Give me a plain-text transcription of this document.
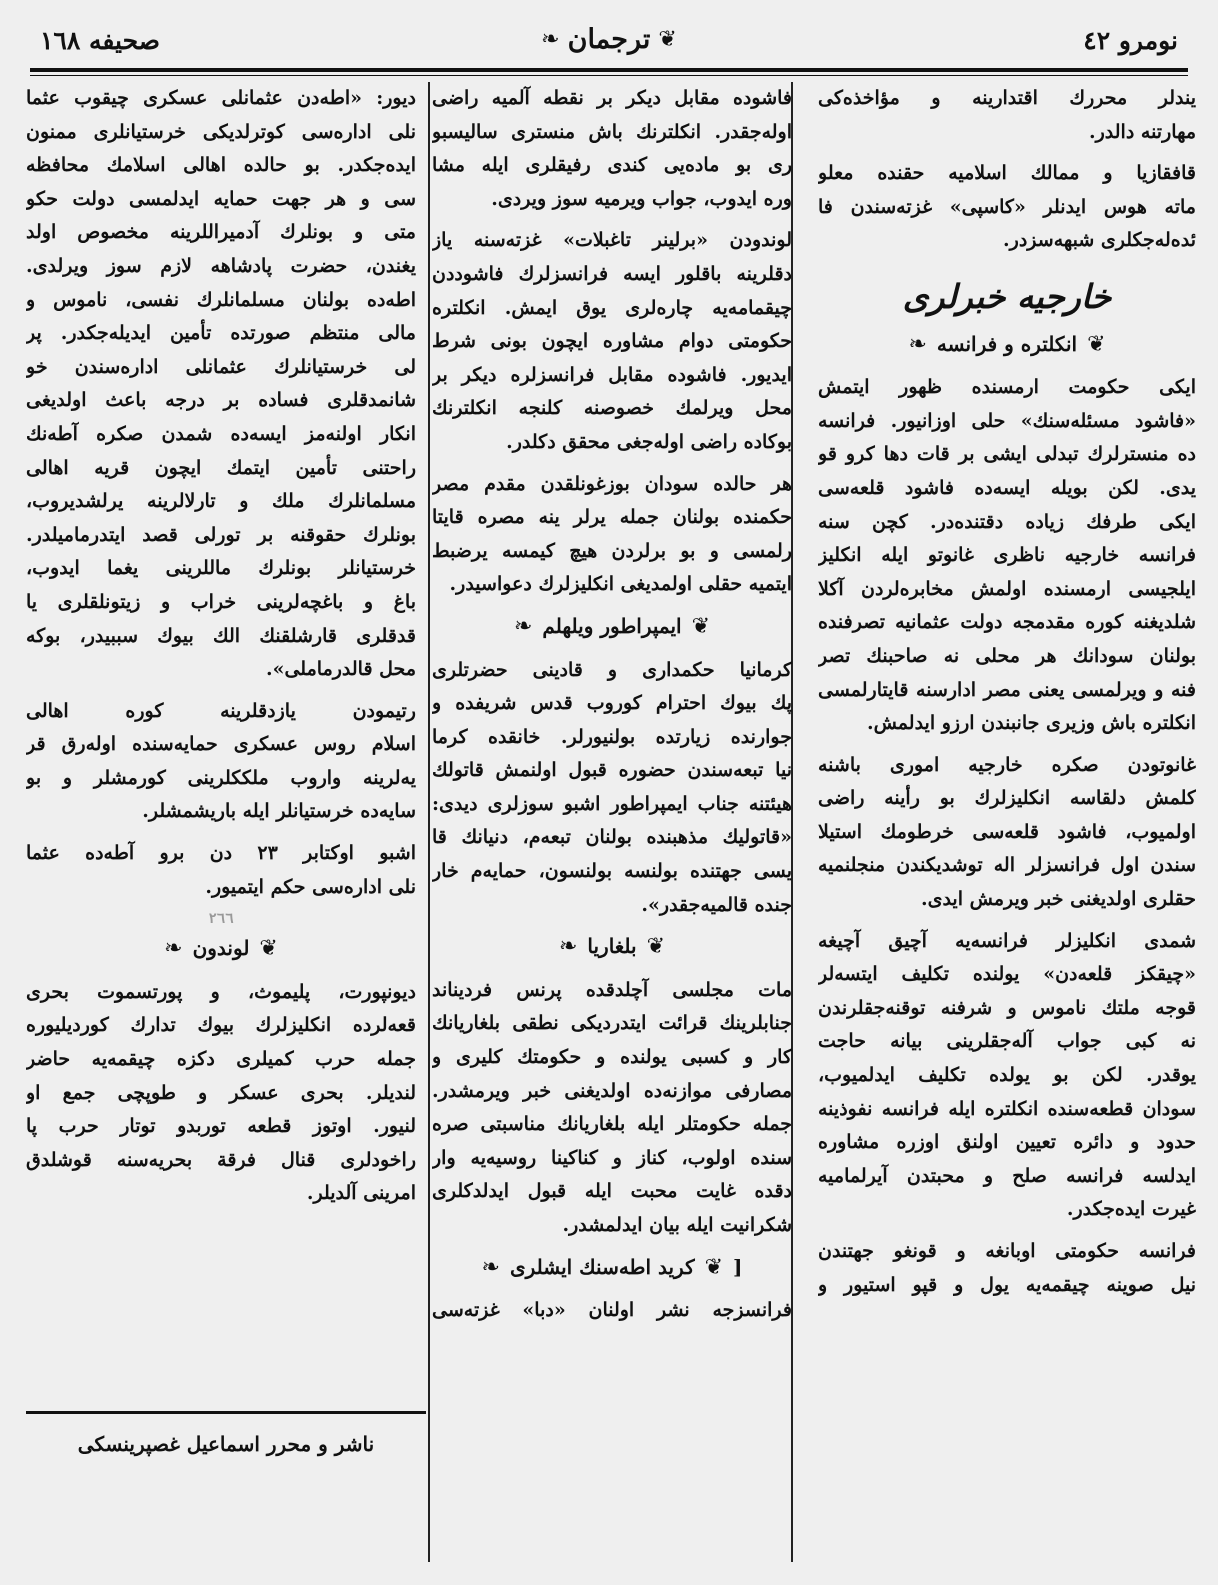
نومرو ٤٢
❦
ترجمان
❧
صحيفه ١٦٨
يندلر محررك اقتدارينه و مؤاخذه‌كى
مهارتنه دالدر.
قافقازيا و ممالك اسلاميه حقنده معلو
ماته هوس ايدنلر «كاسپى» غزته‌سندن فا
ئده‌له‌جكلرى شبهه‌سزدر.
خارجيه خبرلرى
❦
انكلتره و فرانسه
❧
ايكى حكومت ارمسنده ظهور ايتمش
«فاشود مسئله‌سنك» حلى اوزانيور. فرانسه
ده منسترلرك تبدلى ايشى بر قات دها كرو قو
يدى. لكن بويله ايسه‌ده فاشود قلعه‌سى
ايكى طرفك زياده دقتنده‌در. كچن سنه
فرانسه خارجيه ناظرى غانوتو ايله انكليز
ايلجيسى ارمسنده اولمش مخابره‌لردن آكلا
شلديغنه كوره مقدمجه دولت عثمانيه تصرفنده
بولنان سودانك هر محلى نه صاحبنك تصر
فنه و ويرلمسى يعنى مصر ادارسنه قايتارلمسى
انكلتره باش وزيرى جانبندن ارزو ايدلمش.
غانوتودن صكره خارجيه امورى باشنه
كلمش دلقاسه انكليزلرك بو رأينه راضى
اولميوب، فاشود قلعه‌سى خرطومك استيلا
سندن اول فرانسزلر اله توشديكندن منجلنميه
حقلرى اولديغنى خبر ويرمش ايدى.
شمدى انكليزلر فرانسه‌يه آچيق آچيغه
«چيقكز قلعه‌دن» يولنده تكليف ايتسه‌لر
قوجه ملتك ناموس و شرفنه توقنه‌جقلرندن
نه كبى جواب آله‌جقلرينى بيانه حاجت
يوقدر. لكن بو يولده تكليف ايدلميوب،
سودان قطعه‌سنده انكلتره ايله فرانسه نفوذينه
حدود و دائره تعيين اولنق اوزره مشاوره
ايدلسه فرانسه صلح و محبتدن آيرلماميه
غيرت ايده‌جكدر.
فرانسه حكومتى اوبانغه و قونغو جهتندن
نيل صوينه چيقمه‌يه يول و قپو استيور و
فاشوده مقابل ديكر بر نقطه آلميه راضى
اوله‌جقدر. انكلترنك باش منسترى ساليسبو
رى بو ماده‌يى كندى رفيقلرى ايله مشا
وره ايدوب، جواب ويرميه سوز ويردى.
لوندودن «برلينر تاغبلات» غزته‌سنه ياز
دقلرينه باقلور ايسه فرانسزلرك فاشوددن
چيقمامه‌يه چاره‌لرى يوق ايمش. انكلتره
حكومتى دوام مشاوره ايچون بونى شرط
ايديور. فاشوده مقابل فرانسزلره ديكر بر
محل ويرلمك خصوصنه كلنجه انكلترنك
بوكاده راضى اوله‌جغى محقق دكلدر.
هر حالده سودان بوزغونلقدن مقدم مصر
حكمنده بولنان جمله يرلر ينه مصره قايتا
رلمسى و بو برلردن هيچ كيمسه يرضبط
ايتميه حقلى اولمديغى انكليزلرك دعواسيدر.
❦
ايمپراطور ويلهلم
❧
كرمانيا حكمدارى و قادينى حضرتلرى
پك بيوك احترام كوروب قدس شريفده و
جوارنده زيارتده بولنيورلر. خانقده كرما
نيا تبعه‌سندن حضوره قبول اولنمش قاتولك
هيئتنه جناب ايمپراطور اشبو سوزلرى ديدى:
«قاتوليك مذهبنده بولنان تبعه‌م، دنيانك قا
يسى جهتنده بولنسه بولنسون، حمايه‌م خار
جنده قالميه‌جقدر».
❦
بلغاريا
❧
مات مجلسى آچلدقده پرنس فرديناند
جنابلرينك قرائت ايتدرديكى نطقى بلغاريانك
كار و كسبى يولنده و حكومتك كليرى و
مصارفى موازنه‌ده اولديغنى خبر ويرمشدر.
جمله حكومتلر ايله بلغاريانك مناسبتى صره
سنده اولوب، كناز و كناكينا روسيه‌يه وار
دقده غايت محبت ايله قبول ايدلدكلرى
شكرانيت ايله بيان ايدلمشدر.
[
❦
كريد اطه‌سنك ايشلرى
❧
فرانسزجه نشر اولنان «دبا» غزته‌سى
ديور: «اطه‌دن عثمانلى عسكرى چيقوب عثما
نلى اداره‌سى كوترلديكى خرستيانلرى ممنون
ايده‌جكدر. بو حالده اهالى اسلامك محافظه
سى و هر جهت حمايه ايدلمسى دولت حكو
متى و بونلرك آدميراللرينه مخصوص اولد
يغندن، حضرت پادشاهه لازم سوز ويرلدى.
اطه‌ده بولنان مسلمانلرك نفسى، ناموس و
مالى منتظم صورتده تأمين ايديله‌جكدر. پر
لى خرستيانلرك عثمانلى اداره‌سندن خو
شانمدقلرى فساده بر درجه باعث اولديغى
انكار اولنه‌مز ايسه‌ده شمدن صكره آطه‌نك
راحتنى تأمين ايتمك ايچون قريه اهالى
مسلمانلرك ملك و تارلالرينه يرلشديروب،
بونلرك حقوقنه بر تورلى قصد ايتدرماميلدر.
خرستيانلر بونلرك ماللرينى يغما ايدوب،
باغ و باغچه‌لرينى خراب و زيتونلقلرى يا
قدقلرى قارشلقنك الك بيوك سببيدر، بوكه
محل قالدرماملى».
رتيمودن يازدقلرينه كوره اهالى
اسلام روس عسكرى حمايه‌سنده اوله‌رق قر
يه‌لرينه واروب ملككلرينى كورمشلر و بو
سايه‌ده خرستيانلر ايله باريشمشلر.
اشبو اوكتابر ٢٣ دن برو آطه‌ده عثما
نلى اداره‌سى حكم ايتميور.
٢٦٦
❦
لوندون
❧
ديونپورت، پليموث، و پورتسموت بحرى
قعه‌لرده انكليزلرك بيوك تدارك كورديليوره
جمله حرب كميلرى دكزه چيقمه‌يه حاضر
لنديلر. بحرى عسكر و طوپچى جمع او
لنيور. اوتوز قطعه توربدو توتار حرب پا
راخودلرى قنال فرقة بحريه‌سنه قوشلدق
امرينى آلديلر.
ناشر و محرر اسماعيل غصپرينسكى
